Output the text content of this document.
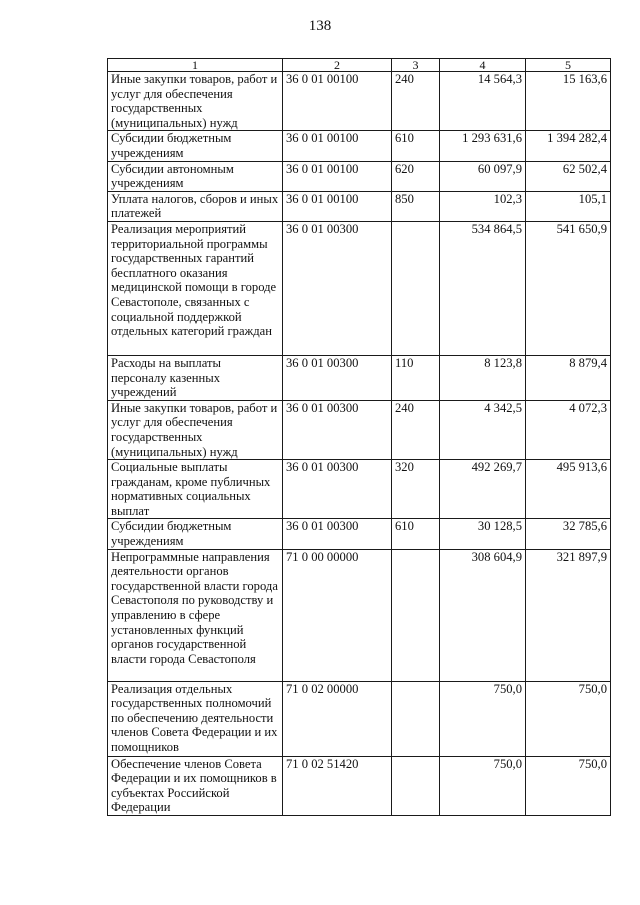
138
1	2	3	4	5
Иные закупки товаров, работ и услуг для обеспечения государственных (муниципальных) нужд	36 0 01 00100	240	14 564,3	15 163,6
Субсидии бюджетным учреждениям	36 0 01 00100	610	1 293 631,6	1 394 282,4
Субсидии автономным учреждениям	36 0 01 00100	620	60 097,9	62 502,4
Уплата налогов, сборов и иных платежей	36 0 01 00100	850	102,3	105,1
Реализация мероприятий территориальной программы государственных гарантий бесплатного оказания медицинской помощи в городе Севастополе, связанных с социальной поддержкой отдельных категорий граждан	36 0 01 00300		534 864,5	541 650,9
Расходы на выплаты персоналу казенных учреждений	36 0 01 00300	110	8 123,8	8 879,4
Иные закупки товаров, работ и услуг для обеспечения государственных (муниципальных) нужд	36 0 01 00300	240	4 342,5	4 072,3
Социальные выплаты гражданам, кроме публичных нормативных социальных выплат	36 0 01 00300	320	492 269,7	495 913,6
Субсидии бюджетным учреждениям	36 0 01 00300	610	30 128,5	32 785,6
Непрограммные направления деятельности органов государственной власти города Севастополя по руководству и управлению в сфере установленных функций органов государственной власти города Севастополя	71 0 00 00000		308 604,9	321 897,9
Реализация отдельных государственных полномочий по обеспечению деятельности членов Совета Федерации и их помощников	71 0 02 00000		750,0	750,0
Обеспечение членов Совета Федерации и их помощников в субъектах Российской Федерации	71 0 02 51420		750,0	750,0
